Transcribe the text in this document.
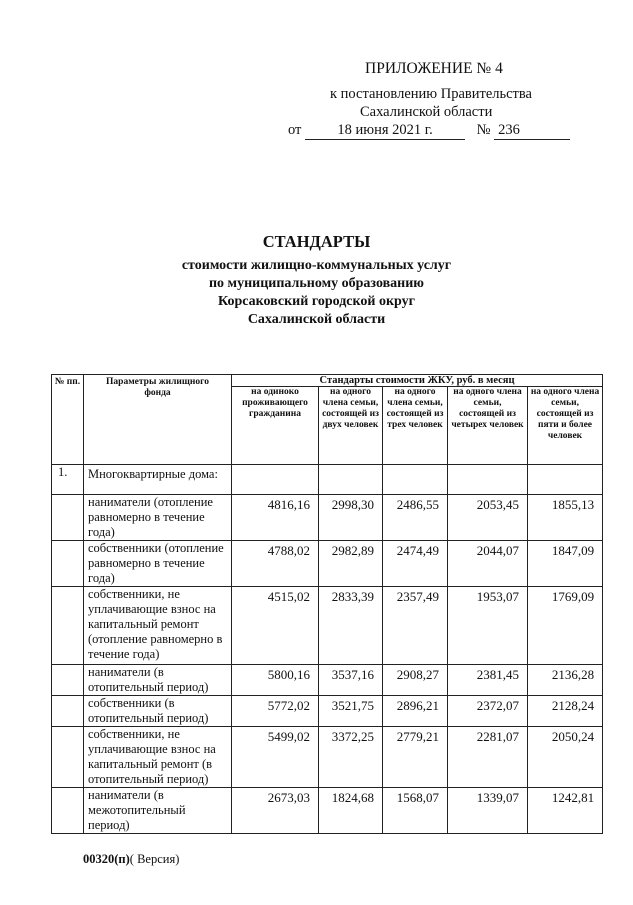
ПРИЛОЖЕНИЕ № 4
к постановлению Правительства
Сахалинской области
от 18 июня 2021 г.	№ 236
СТАНДАРТЫ
стоимости жилищно-коммунальных услуг
по муниципальному образованию
Корсаковский городской округ
Сахалинской области
№ пп.	Параметры жилищного фонда	Стандарты стоимости ЖКУ, руб. в месяц				
		на одиноко проживающего гражданина	на одного члена семьи, состоящей из двух человек	на одного члена семьи, состоящей из трех человек	на одного члена семьи, состоящей из четырех человек	на одного члена семьи, состоящей из пяти и более человек
1.	Многоквартирные дома:					
	наниматели (отопление равномерно в течение года)	4816,16	2998,30	2486,55	2053,45	1855,13
	собственники (отопление равномерно в течение года)	4788,02	2982,89	2474,49	2044,07	1847,09
	собственники, не уплачивающие взнос на капитальный ремонт (отопление равномерно в течение года)	4515,02	2833,39	2357,49	1953,07	1769,09
	наниматели (в отопительный период)	5800,16	3537,16	2908,27	2381,45	2136,28
	собственники (в отопительный период)	5772,02	3521,75	2896,21	2372,07	2128,24
	собственники, не уплачивающие взнос на капитальный ремонт (в отопительный период)	5499,02	3372,25	2779,21	2281,07	2050,24
	наниматели (в межотопительный период)	2673,03	1824,68	1568,07	1339,07	1242,81
00320(п)( Версия)
